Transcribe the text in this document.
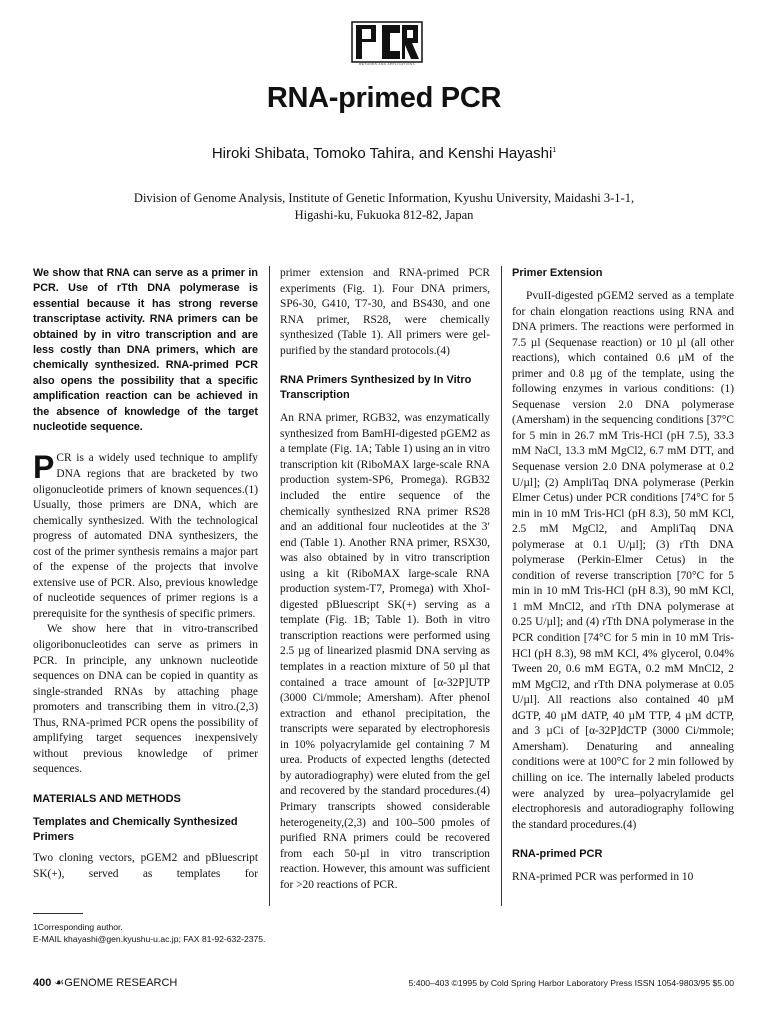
METHODS AND APPLICATIONS
RNA-primed PCR
Hiroki Shibata, Tomoko Tahira, and Kenshi Hayashi$^1$
Division of Genome Analysis, Institute of Genetic Information, Kyushu University, Maidashi 3-1-1,
Higashi-ku, Fukuoka 812-82, Japan

We show that RNA can serve as a primer in PCR. Use of rTth DNA polymerase is essential because it has strong reverse transcriptase activity. RNA primers can be obtained by in vitro transcription and are less costly than DNA primers, which are chemically synthesized. RNA-primed PCR also opens the possibility that a specific amplification reaction can be achieved in the absence of knowledge of the target nucleotide sequence.

PCR is a widely used technique to amplify DNA regions that are bracketed by two oligonucleotide primers of known sequences.(1) Usually, those primers are DNA, which are chemically synthesized. With the technological progress of automated DNA synthesizers, the cost of the primer synthesis remains a major part of the expense of the projects that involve extensive use of PCR. Also, previous knowledge of nucleotide sequences of primer regions is a prerequisite for the synthesis of specific primers.

We show here that in vitro-transcribed oligoribonucleotides can serve as primers in PCR. In principle, any unknown nucleotide sequences on DNA can be copied in quantity as single-stranded RNAs by attaching phage promoters and transcribing them in vitro.(2,3) Thus, RNA-primed PCR opens the possibility of amplifying target sequences inexpensively without previous knowledge of primer sequences.

MATERIALS AND METHODS

Templates and Chemically Synthesized Primers

Two cloning vectors, pGEM2 and pBluescript SK(+), served as templates for

primer extension and RNA-primed PCR experiments (Fig. 1). Four DNA primers, SP6-30, G410, T7-30, and BS430, and one RNA primer, RS28, were chemically synthesized (Table 1). All primers were gel-purified by the standard protocols.(4)

RNA Primers Synthesized by In Vitro Transcription

An RNA primer, RGB32, was enzymatically synthesized from BamHI-digested pGEM2 as a template (Fig. 1A; Table 1) using an in vitro transcription kit (RiboMAX large-scale RNA production system-SP6, Promega). RGB32 included the entire sequence of the chemically synthesized RNA primer RS28 and an additional four nucleotides at the 3′ end (Table 1). Another RNA primer, RSX30, was also obtained by in vitro transcription using a kit (RiboMAX large-scale RNA production system-T7, Promega) with XhoI-digested pBluescript SK(+) serving as a template (Fig. 1B; Table 1). Both in vitro transcription reactions were performed using 2.5 µg of linearized plasmid DNA serving as templates in a reaction mixture of 50 µl that contained a trace amount of [α-32P]UTP (3000 Ci/mmole; Amersham). After phenol extraction and ethanol precipitation, the transcripts were separated by electrophoresis in 10% polyacrylamide gel containing 7 M urea. Products of expected lengths (detected by autoradiography) were eluted from the gel and recovered by the standard procedures.(4) Primary transcripts showed considerable heterogeneity,(2,3) and 100–500 pmoles of purified RNA primers could be recovered from each 50-µl in vitro transcription reaction. However, this amount was sufficient for >20 reactions of PCR.

Primer Extension

PvuII-digested pGEM2 served as a template for chain elongation reactions using RNA and DNA primers. The reactions were performed in 7.5 µl (Sequenase reaction) or 10 µl (all other reactions), which contained 0.6 µM of the primer and 0.8 µg of the template, using the following enzymes in various conditions: (1) Sequenase version 2.0 DNA polymerase (Amersham) in the sequencing conditions [37°C for 5 min in 26.7 mM Tris-HCl (pH 7.5), 33.3 mM NaCl, 13.3 mM MgCl2, 6.7 mM DTT, and Sequenase version 2.0 DNA polymerase at 0.2 U/µl]; (2) AmpliTaq DNA polymerase (Perkin Elmer Cetus) under PCR conditions [74°C for 5 min in 10 mM Tris-HCl (pH 8.3), 50 mM KCl, 2.5 mM MgCl2, and AmpliTaq DNA polymerase at 0.1 U/µl]; (3) rTth DNA polymerase (Perkin-Elmer Cetus) in the condition of reverse transcription [70°C for 5 min in 10 mM Tris-HCl (pH 8.3), 90 mM KCl, 1 mM MnCl2, and rTth DNA polymerase at 0.25 U/µl]; and (4) rTth DNA polymerase in the PCR condition [74°C for 5 min in 10 mM Tris-HCl (pH 8.3), 98 mM KCl, 4% glycerol, 0.04% Tween 20, 0.6 mM EGTA, 0.2 mM MnCl2, 2 mM MgCl2, and rTth DNA polymerase at 0.05 U/µl]. All reactions also contained 40 µM dGTP, 40 µM dATP, 40 µM TTP, 4 µM dCTP, and 3 µCi of [α-32P]dCTP (3000 Ci/mmole; Amersham). Denaturing and annealing conditions were at 100°C for 2 min followed by chilling on ice. The internally labeled products were analyzed by urea–polyacrylamide gel electrophoresis and autoradiography following the standard procedures.(4)

RNA-primed PCR

RNA-primed PCR was performed in 10

1Corresponding author.
E-MAIL khayashi@gen.kyushu-u.ac.jp; FAX 81-92-632-2375.
400 ☙GENOME RESEARCH	5:400–403 ©1995 by Cold Spring Harbor Laboratory Press ISSN 1054-9803/95 $5.00
